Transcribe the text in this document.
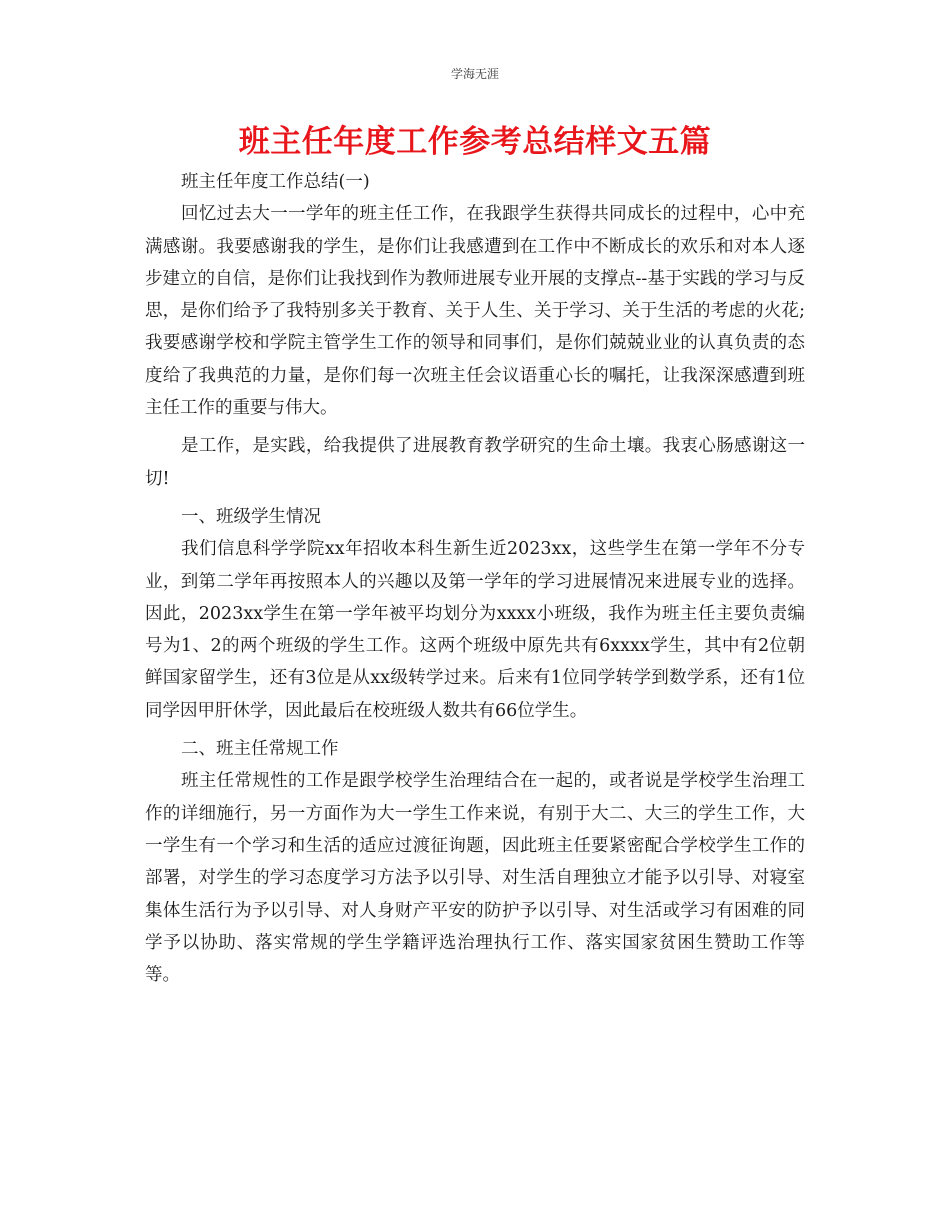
学海无涯
班主任年度工作参考总结样文五篇

班主任年度工作总结(一)

回忆过去大一一学年的班主任工作，在我跟学生获得共同成长的过程中，心中充满感谢。我要感谢我的学生，是你们让我感遭到在工作中不断成长的欢乐和对本人逐步建立的自信，是你们让我找到作为教师进展专业开展的支撑点--基于实践的学习与反思，是你们给予了我特别多关于教育、关于人生、关于学习、关于生活的考虑的火花;我要感谢学校和学院主管学生工作的领导和同事们，是你们兢兢业业的认真负责的态度给了我典范的力量，是你们每一次班主任会议语重心长的嘱托，让我深深感遭到班主任工作的重要与伟大。

是工作，是实践，给我提供了进展教育教学研究的生命土壤。我衷心肠感谢这一切!

一、班级学生情况

我们信息科学学院xx年招收本科生新生近2023xx，这些学生在第一学年不分专业，到第二学年再按照本人的兴趣以及第一学年的学习进展情况来进展专业的选择。因此，2023xx学生在第一学年被平均划分为xxxx小班级，我作为班主任主要负责编号为1、2的两个班级的学生工作。这两个班级中原先共有6xxxx学生，其中有2位朝鲜国家留学生，还有3位是从xx级转学过来。后来有1位同学转学到数学系，还有1位同学因甲肝休学，因此最后在校班级人数共有66位学生。

二、班主任常规工作

班主任常规性的工作是跟学校学生治理结合在一起的，或者说是学校学生治理工作的详细施行，另一方面作为大一学生工作来说，有别于大二、大三的学生工作，大一学生有一个学习和生活的适应过渡征询题，因此班主任要紧密配合学校学生工作的部署，对学生的学习态度学习方法予以引导、对生活自理独立才能予以引导、对寝室集体生活行为予以引导、对人身财产平安的防护予以引导、对生活或学习有困难的同学予以协助、落实常规的学生学籍评选治理执行工作、落实国家贫困生赞助工作等等。
